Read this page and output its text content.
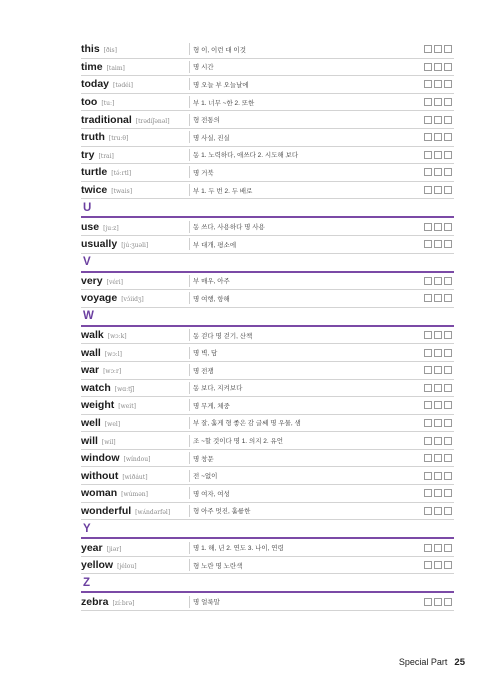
this [ðis]	형 이, 이런 대 이것
time [taim]	명 시간
today [tədéi]	명 오늘 부 오늘날에
too [tuː]	부 1. 너무 ~한 2. 또한
traditional [trədíʃənəl]	형 전통의
truth [truːθ]	명 사실, 진실
try [trai]	동 1. 노력하다, 애쓰다 2. 시도해 보다
turtle [tə́ːrtl]	명 거북
twice [twais]	부 1. 두 번 2. 두 배로
U
use [juːz]	동 쓰다, 사용하다 명 사용
usually [júːʒuəli]	부 대개, 평소에
V
very [véri]	부 매우, 아주
voyage [vɔ́iidʒ]	명 여행, 항해
W
walk [wɔːk]	동 걷다 명 걷기, 산책
wall [wɔːl]	명 벽, 담
war [wɔːr]	명 전쟁
watch [wɑːtʃ]	동 보다, 지켜보다
weight [weit]	명 무게, 체중
well [wel]	부 잘, 훌게 형 좋은 감 글쎄 명 우물, 샘
will [wil]	조 ~할 것이다 명 1. 의지 2. 유언
window [wíndou]	명 창문
without [wiðáut]	전 ~없이
woman [wúmən]	명 여자, 여성
wonderful [wʌ́ndərfəl]	형 아주 멋진, 훌륭한
Y
year [jiər]	명 1. 해, 년 2. 연도 3. 나이, 연령
yellow [jélou]	형 노란 명 노란색
Z
zebra [zíːbrə]	명 얼룩말
Special Part 25
